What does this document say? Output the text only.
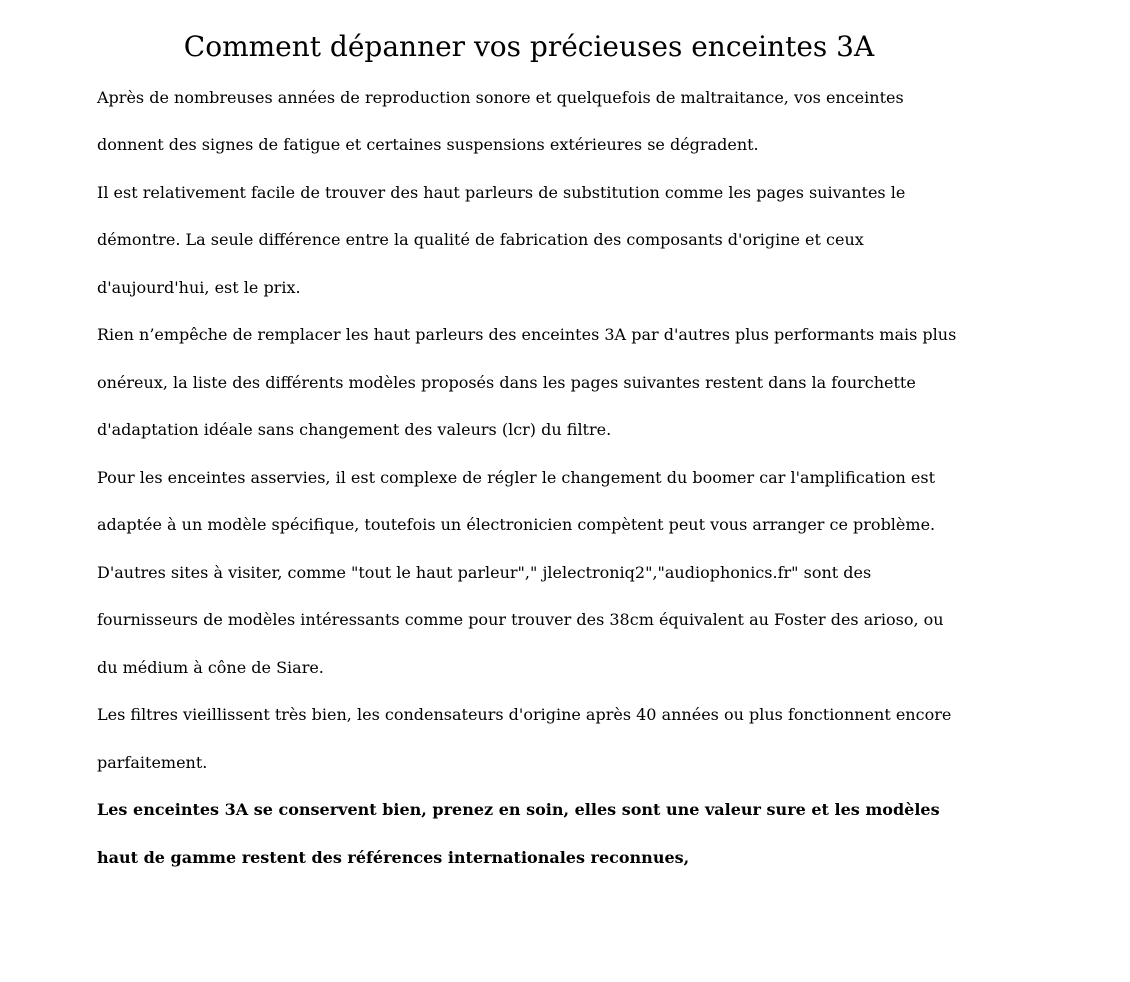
Comment dépanner vos précieuses enceintes 3A

Après de nombreuses années de reproduction sonore et quelquefois de maltraitance, vos enceintes

donnent des signes de fatigue et certaines suspensions extérieures se dégradent.

Il est relativement facile de trouver des haut parleurs de substitution comme les pages suivantes le

démontre. La seule différence entre la qualité de fabrication des composants d'origine et ceux

d'aujourd'hui, est le prix.

Rien n’empêche de remplacer les haut parleurs des enceintes 3A par d'autres plus performants mais plus

onéreux, la liste des différents modèles proposés dans les pages suivantes restent dans la fourchette

d'adaptation idéale sans changement des valeurs (lcr) du filtre.

Pour les enceintes asservies, il est complexe de régler le changement du boomer car l'amplification est

adaptée à un modèle spécifique, toutefois un électronicien compètent peut vous arranger ce problème.

D'autres sites à visiter, comme "tout le haut parleur"," jlelectroniq2","audiophonics.fr" sont des

fournisseurs de modèles intéressants comme pour trouver des 38cm équivalent au Foster des arioso, ou

du médium à cône de Siare.

Les filtres vieillissent très bien, les condensateurs d'origine après 40 années ou plus fonctionnent encore

parfaitement.

Les enceintes 3A se conservent bien, prenez en soin, elles sont une valeur sure et les modèles

haut de gamme restent des références internationales reconnues,
